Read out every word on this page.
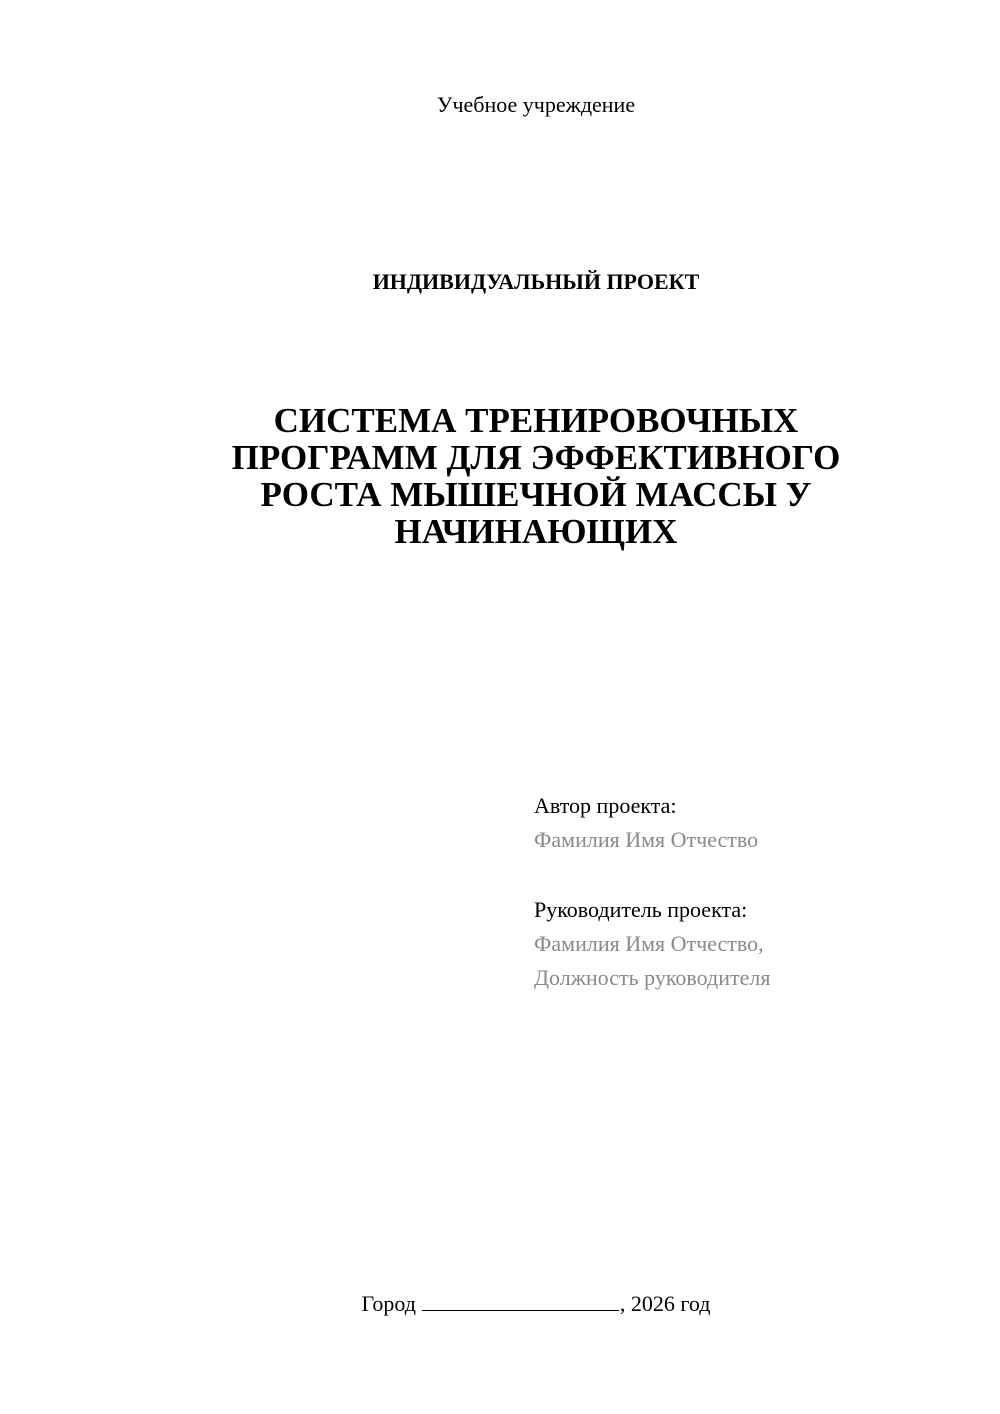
Учебное учреждение
ИНДИВИДУАЛЬНЫЙ ПРОЕКТ
СИСТЕМА ТРЕНИРОВОЧНЫХ
ПРОГРАММ ДЛЯ ЭФФЕКТИВНОГО
РОСТА МЫШЕЧНОЙ МАССЫ У
НАЧИНАЮЩИХ
Автор проекта:
Фамилия Имя Отчество
Руководитель проекта:
Фамилия Имя Отчество,
Должность руководителя
Город	, 2026 год
